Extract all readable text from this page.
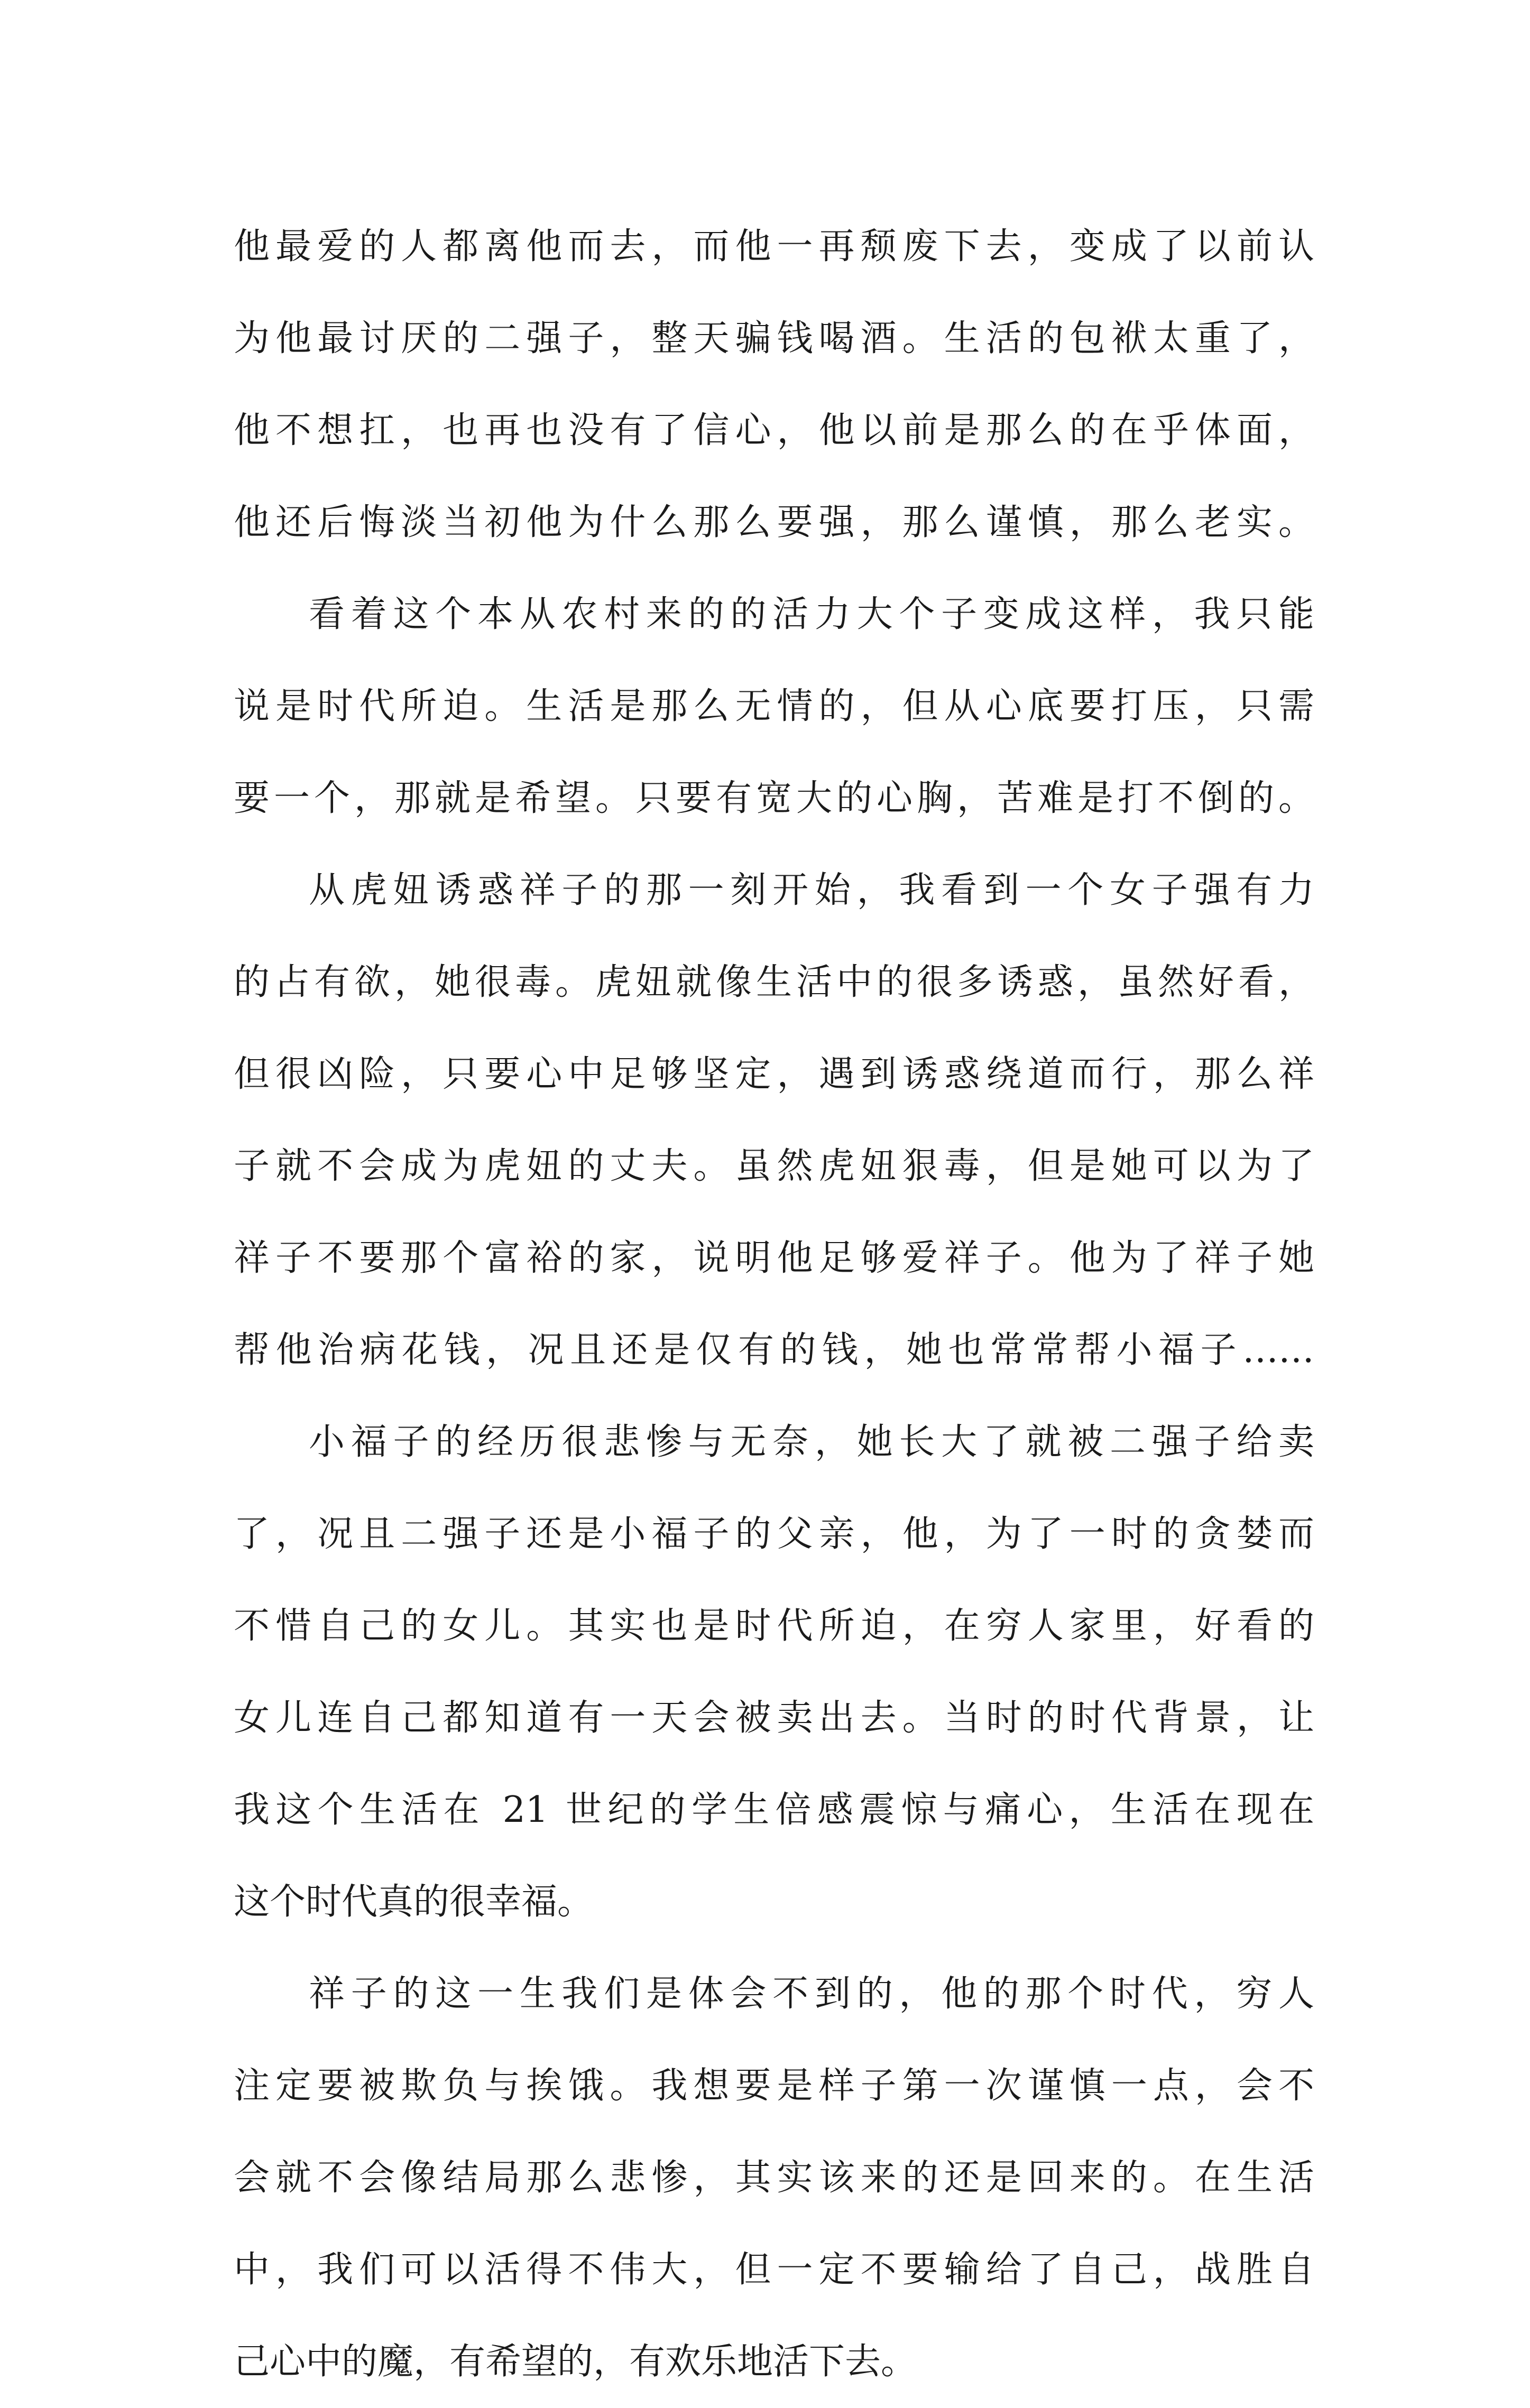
他最爱的人都离他而去，而他一再颓废下去，变成了以前认
为他最讨厌的二强子，整天骗钱喝酒。生活的包袱太重了，
他不想扛，也再也没有了信心，他以前是那么的在乎体面，
他还后悔淡当初他为什么那么要强，那么谨慎，那么老实。
看着这个本从农村来的的活力大个子变成这样，我只能
说是时代所迫。生活是那么无情的，但从心底要打压，只需
要一个，那就是希望。只要有宽大的心胸，苦难是打不倒的。
从虎妞诱惑祥子的那一刻开始，我看到一个女子强有力
的占有欲，她很毒。虎妞就像生活中的很多诱惑，虽然好看，
但很凶险，只要心中足够坚定，遇到诱惑绕道而行，那么祥
子就不会成为虎妞的丈夫。虽然虎妞狠毒，但是她可以为了
祥子不要那个富裕的家，说明他足够爱祥子。他为了祥子她
帮他治病花钱，况且还是仅有的钱，她也常常帮小福子……
小福子的经历很悲惨与无奈，她长大了就被二强子给卖
了，况且二强子还是小福子的父亲，他，为了一时的贪婪而
不惜自己的女儿。其实也是时代所迫，在穷人家里，好看的
女儿连自己都知道有一天会被卖出去。当时的时代背景，让
我这个生活在 21 世纪的学生倍感震惊与痛心，生活在现在
这个时代真的很幸福。
祥子的这一生我们是体会不到的，他的那个时代，穷人
注定要被欺负与挨饿。我想要是样子第一次谨慎一点，会不
会就不会像结局那么悲惨，其实该来的还是回来的。在生活
中，我们可以活得不伟大，但一定不要输给了自己，战胜自
己心中的魔，有希望的，有欢乐地活下去。
